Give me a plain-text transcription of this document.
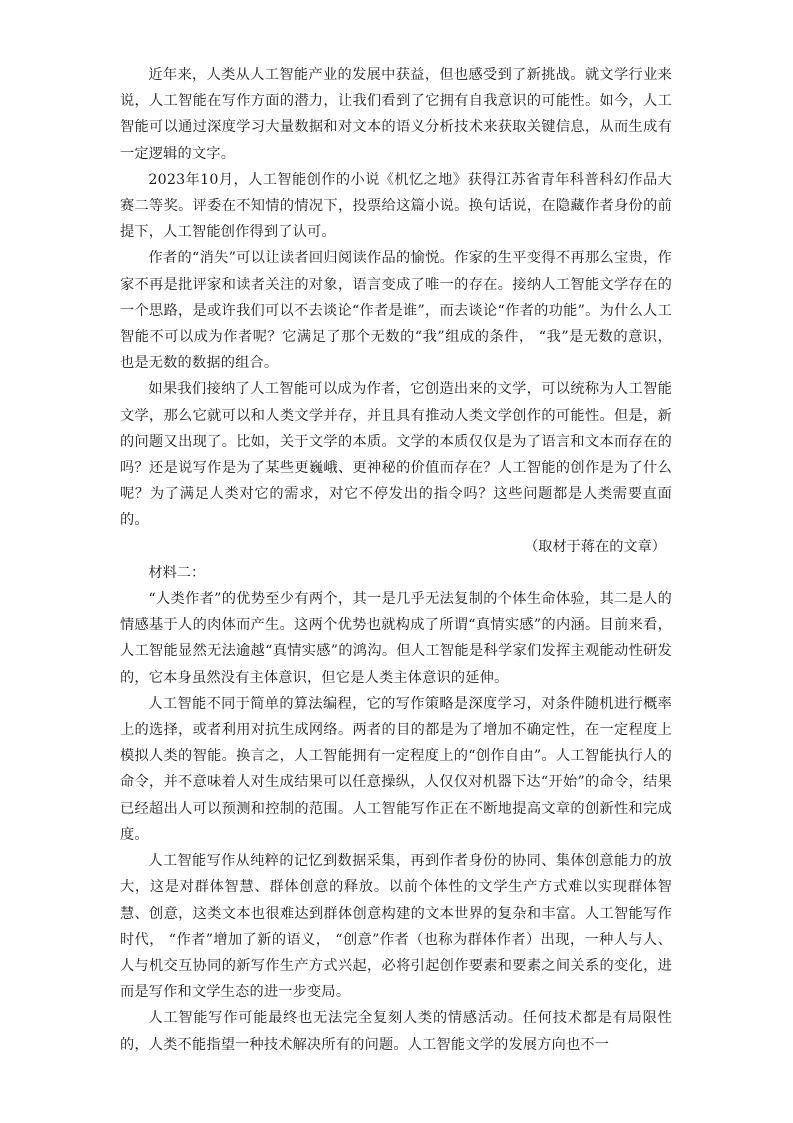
近年来，人类从人工智能产业的发展中获益，但也感受到了新挑战。就文学行业来说，人工智能在写作方面的潜力，让我们看到了它拥有自我意识的可能性。如今，人工智能可以通过深度学习大量数据和对文本的语义分析技术来获取关键信息，从而生成有一定逻辑的文字。

2023年10月，人工智能创作的小说《机忆之地》获得江苏省青年科普科幻作品大赛二等奖。评委在不知情的情况下，投票给这篇小说。换句话说，在隐藏作者身份的前提下，人工智能创作得到了认可。

作者的“消失”可以让读者回归阅读作品的愉悦。作家的生平变得不再那么宝贵，作家不再是批评家和读者关注的对象，语言变成了唯一的存在。接纳人工智能文学存在的一个思路，是或许我们可以不去谈论“作者是谁”，而去谈论“作者的功能”。为什么人工智能不可以成为作者呢？它满足了那个无数的“我”组成的条件， “我”是无数的意识，也是无数的数据的组合。

如果我们接纳了人工智能可以成为作者，它创造出来的文学，可以统称为人工智能文学，那么它就可以和人类文学并存，并且具有推动人类文学创作的可能性。但是，新的问题又出现了。比如，关于文学的本质。文学的本质仅仅是为了语言和文本而存在的吗？还是说写作是为了某些更巍峨、更神秘的价值而存在？人工智能的创作是为了什么呢？为了满足人类对它的需求，对它不停发出的指令吗？这些问题都是人类需要直面的。

（取材于蒋在的文章）

材料二：

“人类作者”的优势至少有两个，其一是几乎无法复制的个体生命体验，其二是人的情感基于人的肉体而产生。这两个优势也就构成了所谓“真情实感”的内涵。目前来看，人工智能显然无法逾越“真情实感”的鸿沟。但人工智能是科学家们发挥主观能动性研发的，它本身虽然没有主体意识，但它是人类主体意识的延伸。

人工智能不同于简单的算法编程，它的写作策略是深度学习，对条件随机进行概率上的选择，或者利用对抗生成网络。两者的目的都是为了增加不确定性，在一定程度上模拟人类的智能。换言之，人工智能拥有一定程度上的“创作自由”。人工智能执行人的命令，并不意味着人对生成结果可以任意操纵，人仅仅对机器下达“开始”的命令，结果已经超出人可以预测和控制的范围。人工智能写作正在不断地提高文章的创新性和完成度。

人工智能写作从纯粹的记忆到数据采集，再到作者身份的协同、集体创意能力的放大，这是对群体智慧、群体创意的释放。以前个体性的文学生产方式难以实现群体智慧、创意，这类文本也很难达到群体创意构建的文本世界的复杂和丰富。人工智能写作时代， “作者”增加了新的语义， “创意”作者（也称为群体作者）出现，一种人与人、人与机交互协同的新写作生产方式兴起，必将引起创作要素和要素之间关系的变化，进而是写作和文学生态的进一步变局。

人工智能写作可能最终也无法完全复刻人类的情感活动。任何技术都是有局限性的，人类不能指望一种技术解决所有的问题。人工智能文学的发展方向也不一
